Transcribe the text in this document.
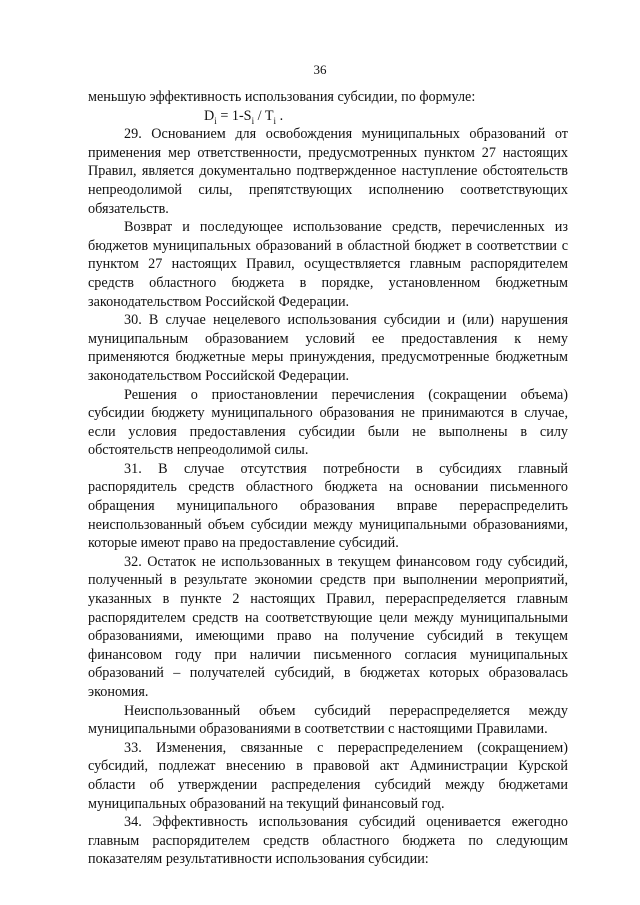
36

меньшую эффективность использования субсидии, по формуле:

$D_i = 1-S_i / T_i$ .

29. Основанием для освобождения муниципальных образований от применения мер ответственности, предусмотренных пунктом 27 настоящих Правил, является документально подтвержденное наступление обстоятельств непреодолимой силы, препятствующих исполнению соответствующих обязательств.

Возврат и последующее использование средств, перечисленных из бюджетов муниципальных образований в областной бюджет в соответствии с пунктом 27 настоящих Правил, осуществляется главным распорядителем средств областного бюджета в порядке, установленном бюджетным законодательством Российской Федерации.

30. В случае нецелевого использования субсидии и (или) нарушения муниципальным образованием условий ее предоставления к нему применяются бюджетные меры принуждения, предусмотренные бюджетным законодательством Российской Федерации.

Решения о приостановлении перечисления (сокращении объема) субсидии бюджету муниципального образования не принимаются в случае, если условия предоставления субсидии были не выполнены в силу обстоятельств непреодолимой силы.

31. В случае отсутствия потребности в субсидиях главный распорядитель средств областного бюджета на основании письменного обращения муниципального образования вправе перераспределить неиспользованный объем субсидии между муниципальными образованиями, которые имеют право на предоставление субсидий.

32. Остаток не использованных в текущем финансовом году субсидий, полученный в результате экономии средств при выполнении мероприятий, указанных в пункте 2 настоящих Правил, перераспределяется главным распорядителем средств на соответствующие цели между муниципальными образованиями, имеющими право на получение субсидий в текущем финансовом году при наличии письменного согласия муниципальных образований – получателей субсидий, в бюджетах которых образовалась экономия.

Неиспользованный объем субсидий перераспределяется между муниципальными образованиями в соответствии с настоящими Правилами.

33. Изменения, связанные с перераспределением (сокращением) субсидий, подлежат внесению в правовой акт Администрации Курской области об утверждении распределения субсидий между бюджетами муниципальных образований на текущий финансовый год.

34. Эффективность использования субсидий оценивается ежегодно главным распорядителем средств областного бюджета по следующим показателям результативности использования субсидии:
